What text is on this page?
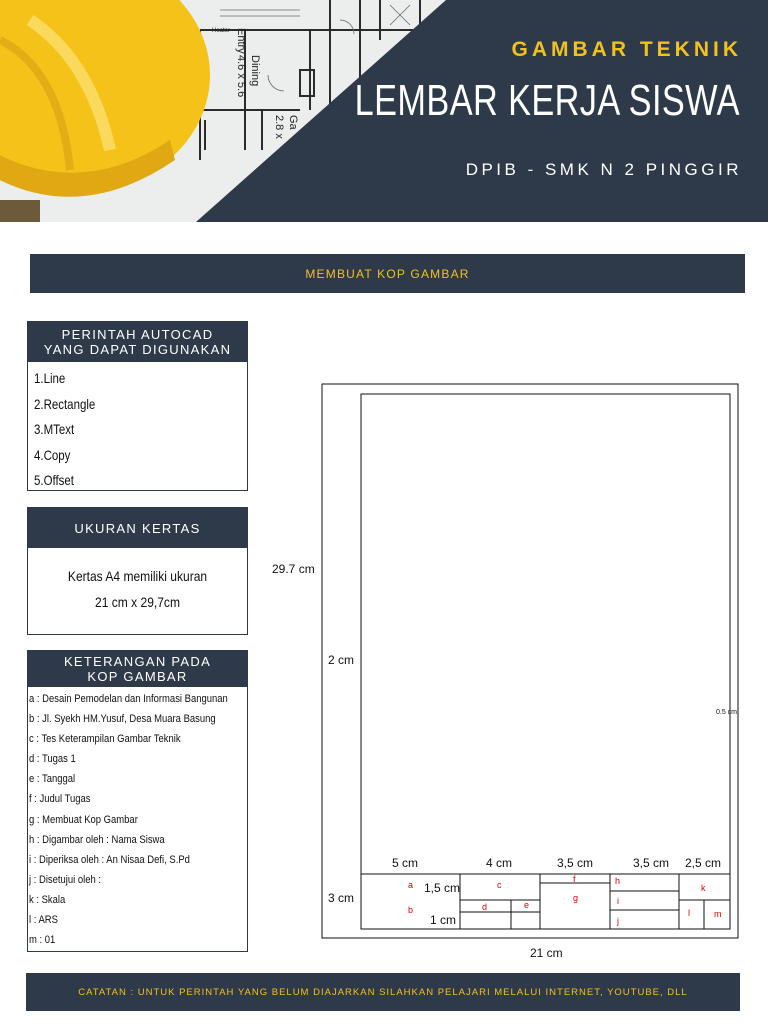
Entry
Dining
4.6 x 5.6
Heater
Ga
2.8 x
GAMBAR TEKNIK
LEMBAR KERJA SISWA
DPIB - SMK N 2 PINGGIR
MEMBUAT KOP GAMBAR
PERINTAH AUTOCAD
YANG DAPAT DIGUNAKAN
1.Line
2.Rectangle
3.MText
4.Copy
5.Offset
UKURAN KERTAS
Kertas A4 memiliki ukuran
21 cm x 29,7cm
KETERANGAN PADA
KOP GAMBAR
a : Desain Pemodelan dan Informasi Bangunan
b : Jl. Syekh HM.Yusuf, Desa Muara Basung
c : Tes Keterampilan Gambar Teknik
d : Tugas 1
e : Tanggal
f : Judul Tugas
g : Membuat Kop Gambar
h : Digambar oleh : Nama Siswa
i : Diperiksa oleh : An Nisaa Defi, S.Pd
j : Disetujui oleh :
k : Skala
l : ARS
m : 01
29.7 cm
2 cm
0.5 cm
3 cm
21 cm
5 cm	4 cm	3,5 cm	3,5 cm 2,5 cm
1,5 cm
1 cm
a
b
c
d	e
f
g
h
i
j
k
l	m
CATATAN : UNTUK PERINTAH YANG BELUM DIAJARKAN SILAHKAN PELAJARI MELALUI INTERNET, YOUTUBE, DLL
